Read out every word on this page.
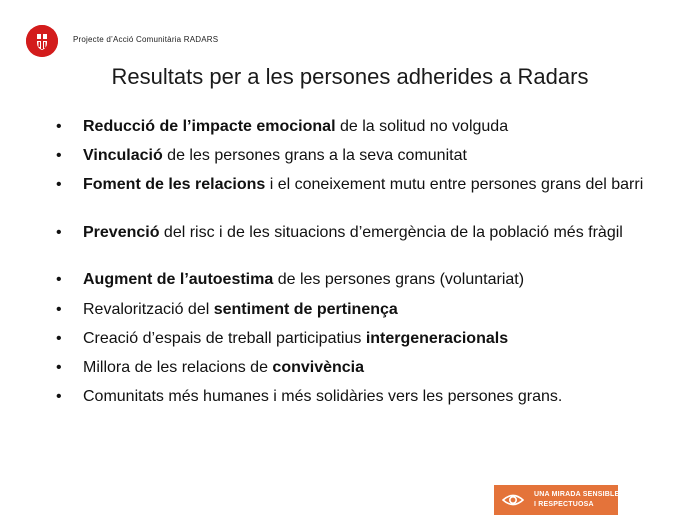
Projecte d’Acció Comunitària RADARS
Resultats per a les persones adherides a Radars
•	Reducció de l’impacte emocional de la solitud no volguda
•	Vinculació de les persones grans a la seva comunitat
•	Foment de les relacions i el coneixement mutu entre persones grans del barri
•	Prevenció del risc i de les situacions d’emergència de la població més fràgil
•	Augment de l’autoestima de les persones grans (voluntariat)
•	Revalorització del sentiment de pertinença
•	Creació d’espais de treball participatius intergeneracionals
•	Millora de les relacions de convivència
•	Comunitats més humanes i més solidàries vers les persones grans.
UNA MIRADA SENSIBLE
I RESPECTUOSA
